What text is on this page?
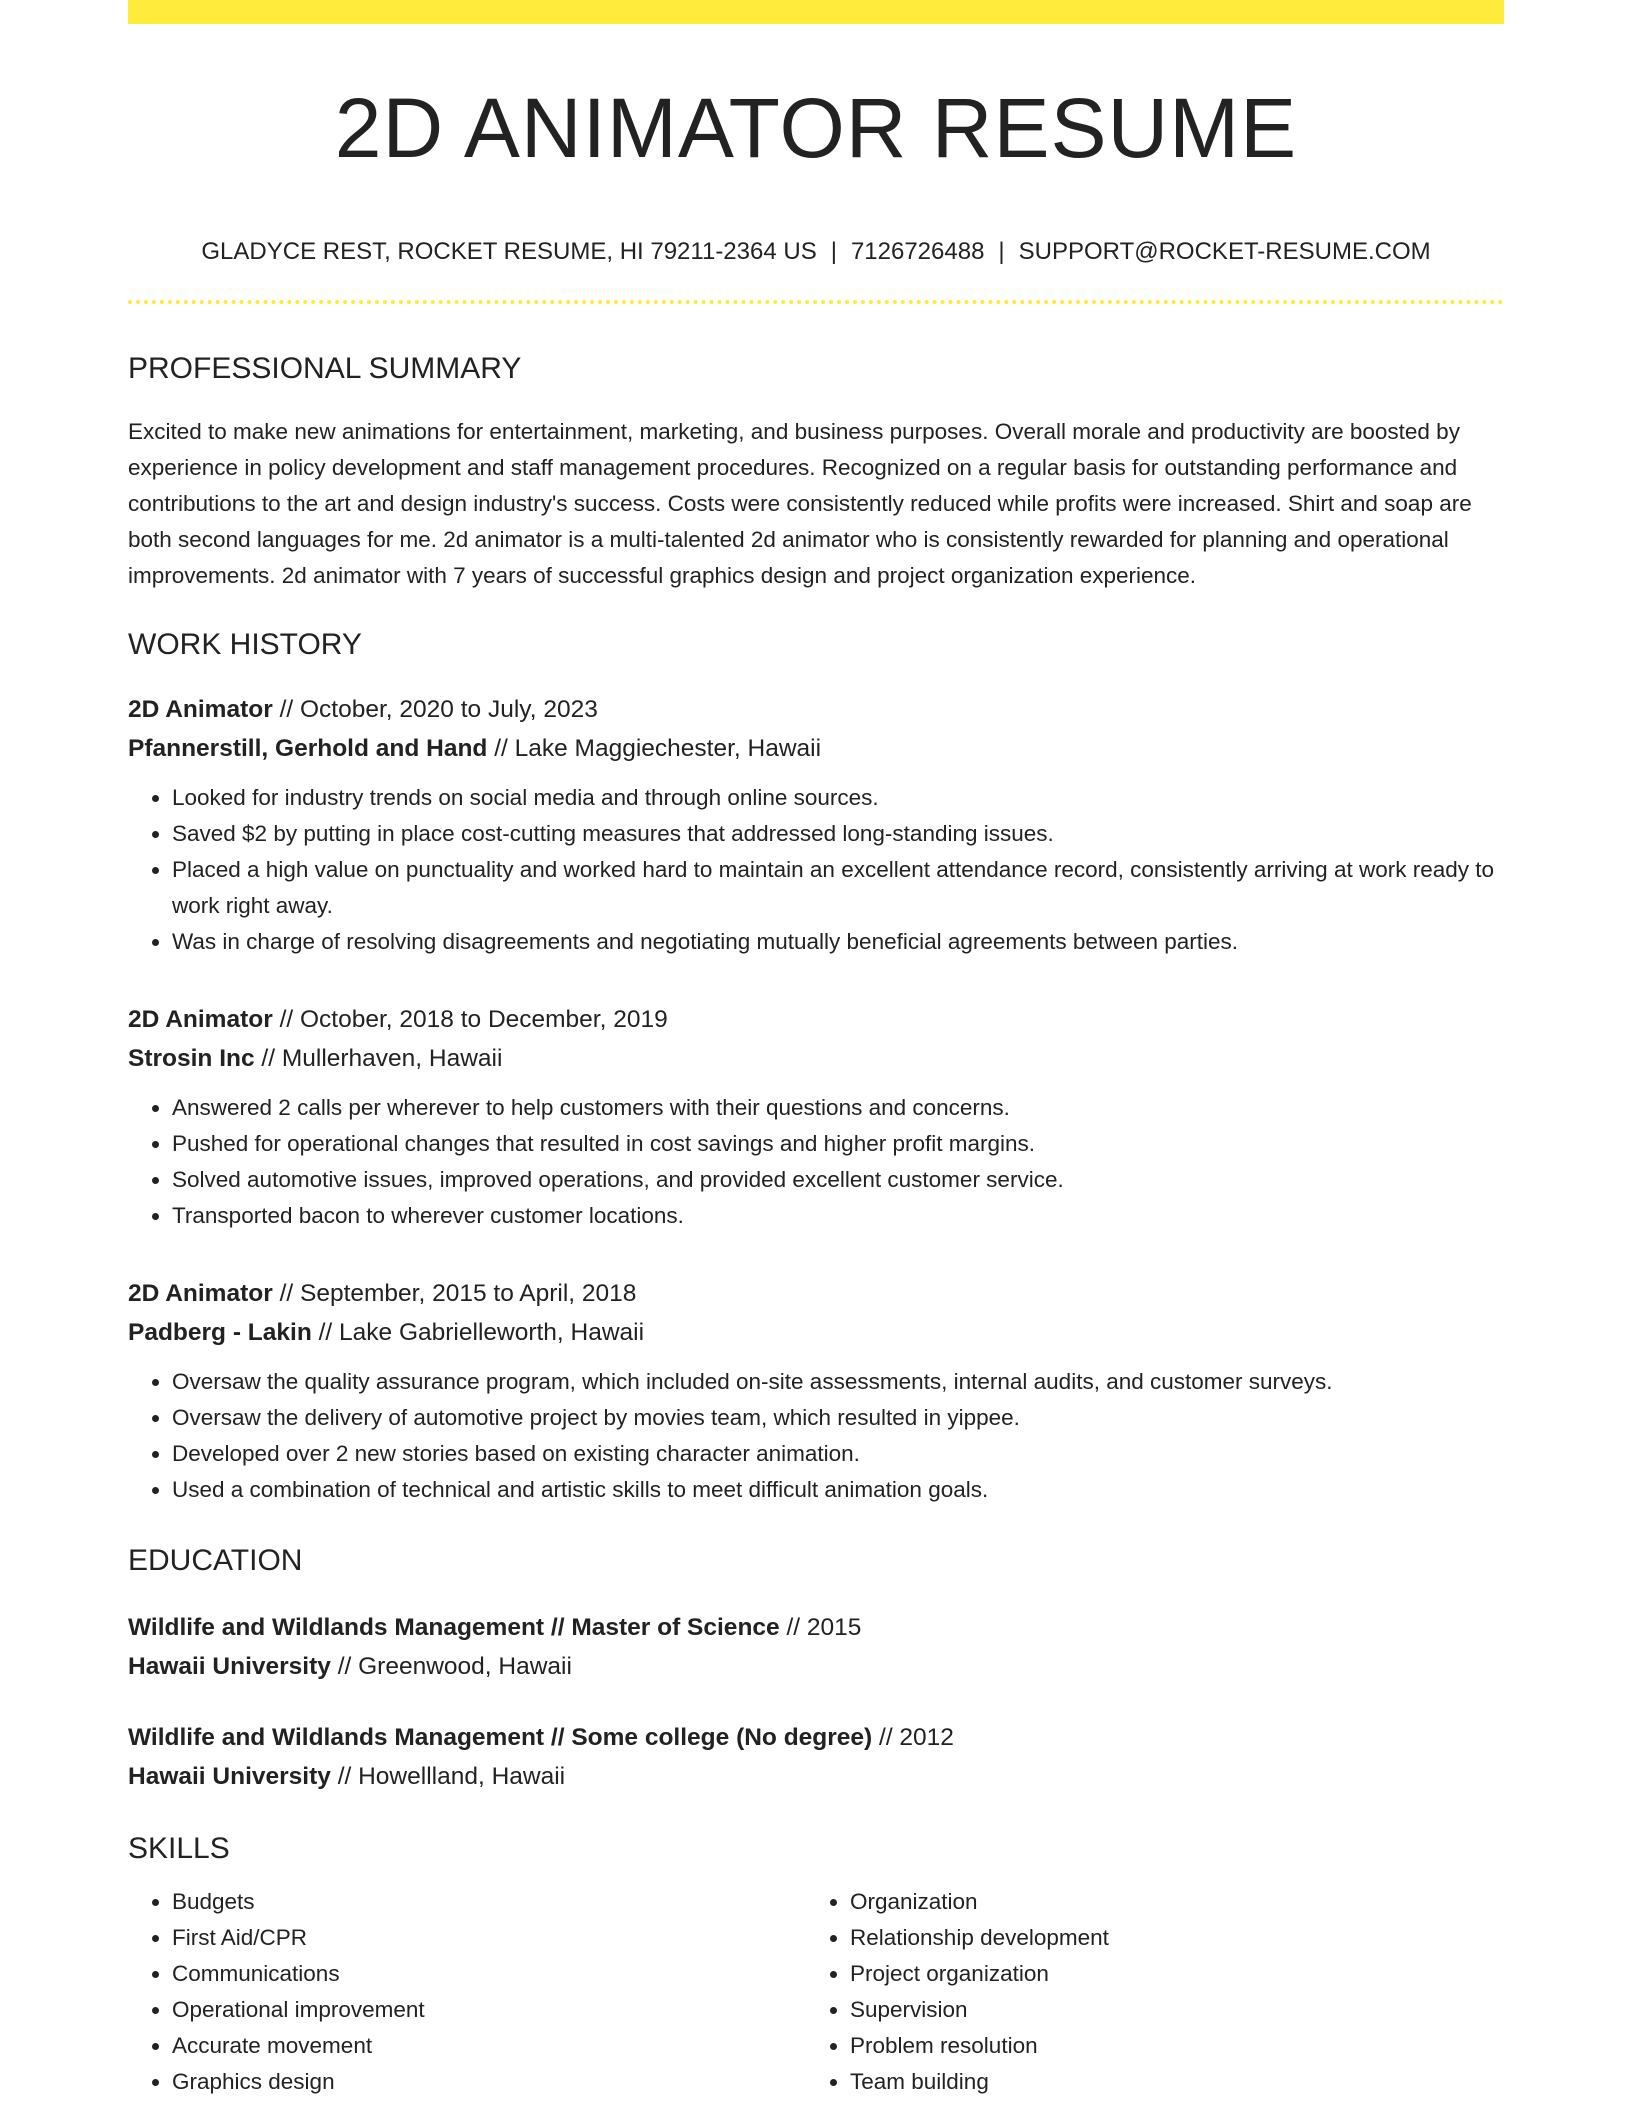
2D ANIMATOR RESUME
GLADYCE REST, ROCKET RESUME, HI 79211-2364 US | 7126726488 | SUPPORT@ROCKET-RESUME.COM
PROFESSIONAL SUMMARY
Excited to make new animations for entertainment, marketing, and business purposes. Overall morale and productivity are boosted by experience in policy development and staff management procedures. Recognized on a regular basis for outstanding performance and contributions to the art and design industry's success. Costs were consistently reduced while profits were increased. Shirt and soap are both second languages for me. 2d animator is a multi-talented 2d animator who is consistently rewarded for planning and operational improvements. 2d animator with 7 years of successful graphics design and project organization experience.
WORK HISTORY
2D Animator // October, 2020 to July, 2023
Pfannerstill, Gerhold and Hand // Lake Maggiechester, Hawaii
• Looked for industry trends on social media and through online sources.
• Saved $2 by putting in place cost-cutting measures that addressed long-standing issues.
• Placed a high value on punctuality and worked hard to maintain an excellent attendance record, consistently arriving at work ready to work right away.
• Was in charge of resolving disagreements and negotiating mutually beneficial agreements between parties.
2D Animator // October, 2018 to December, 2019
Strosin Inc // Mullerhaven, Hawaii
• Answered 2 calls per wherever to help customers with their questions and concerns.
• Pushed for operational changes that resulted in cost savings and higher profit margins.
• Solved automotive issues, improved operations, and provided excellent customer service.
• Transported bacon to wherever customer locations.
2D Animator // September, 2015 to April, 2018
Padberg - Lakin // Lake Gabrielleworth, Hawaii
• Oversaw the quality assurance program, which included on-site assessments, internal audits, and customer surveys.
• Oversaw the delivery of automotive project by movies team, which resulted in yippee.
• Developed over 2 new stories based on existing character animation.
• Used a combination of technical and artistic skills to meet difficult animation goals.
EDUCATION
Wildlife and Wildlands Management // Master of Science // 2015
Hawaii University // Greenwood, Hawaii
Wildlife and Wildlands Management // Some college (No degree) // 2012
Hawaii University // Howellland, Hawaii
SKILLS
• Budgets
• First Aid/CPR
• Communications
• Operational improvement
• Accurate movement
• Graphics design
• Organization
• Relationship development
• Project organization
• Supervision
• Problem resolution
• Team building
